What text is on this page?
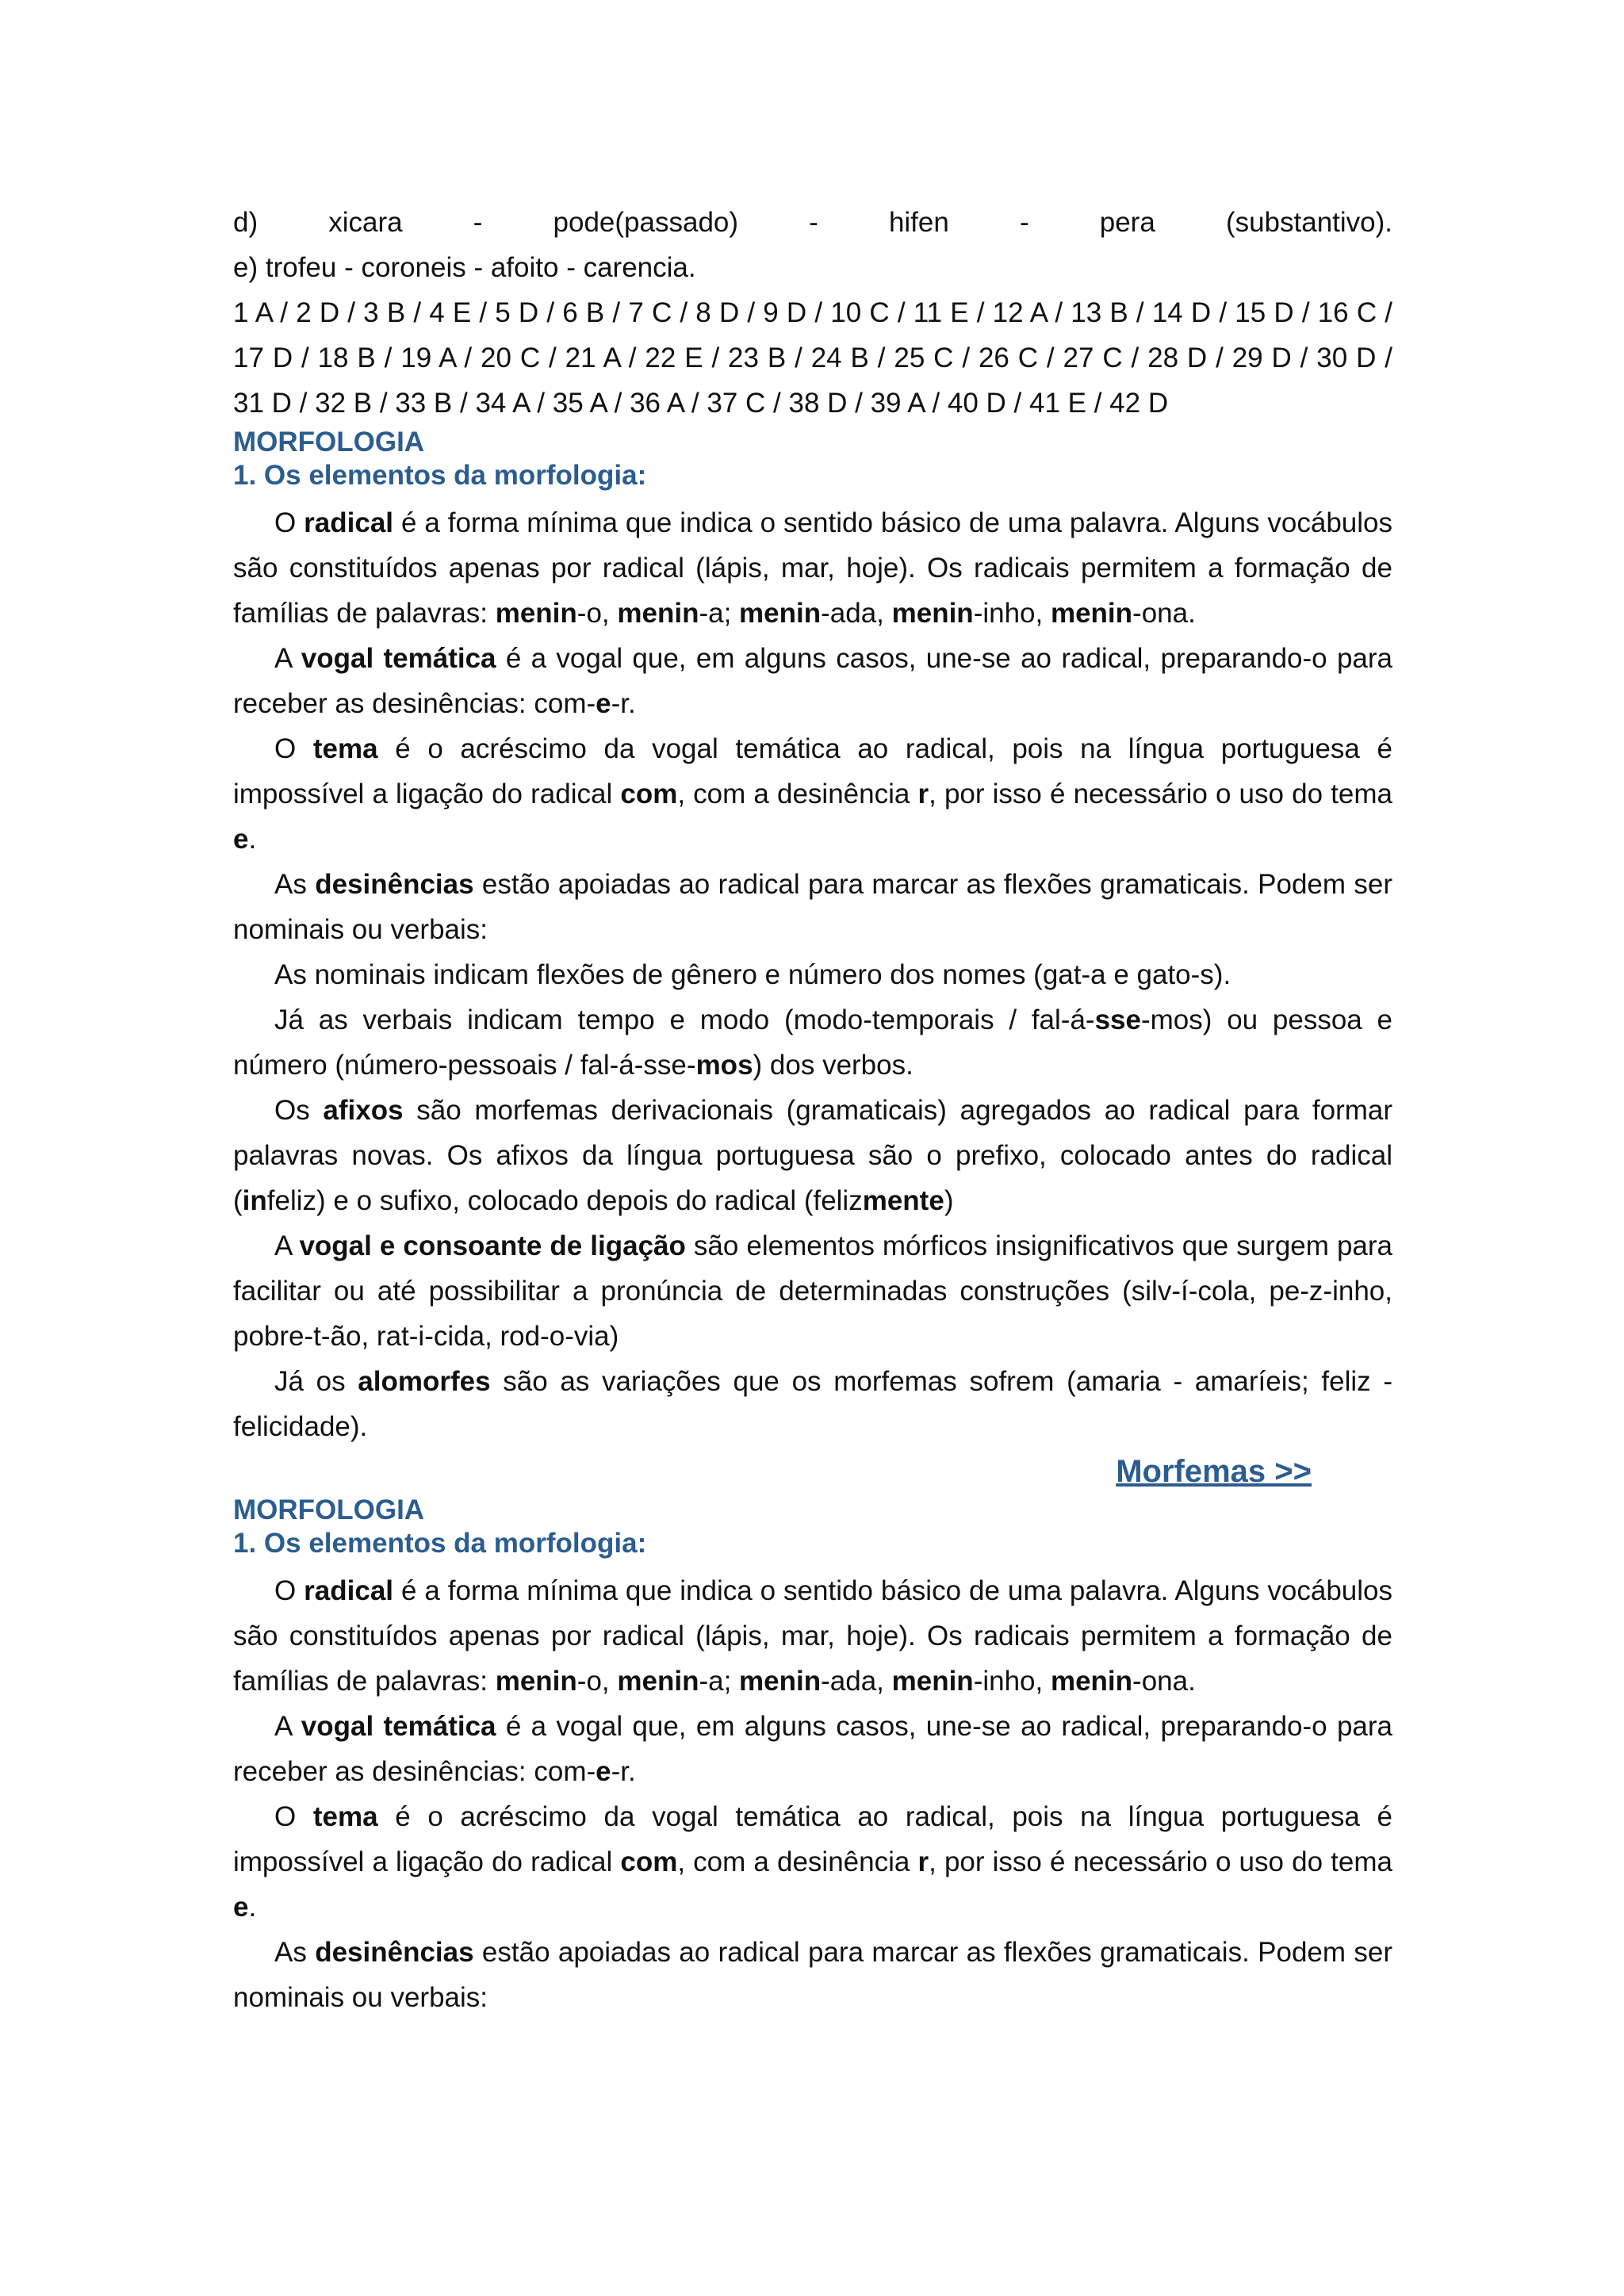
d)	xicara	-	pode(passado)	-	hifen	-	pera	(substantivo).

e) trofeu - coroneis - afoito - carencia.

1 A / 2 D / 3 B / 4 E / 5 D / 6 B / 7 C / 8 D / 9 D / 10 C / 11 E / 12 A / 13 B / 14 D / 15 D / 16 C / 17 D / 18 B / 19 A / 20 C / 21 A / 22 E / 23 B / 24 B / 25 C / 26 C / 27 C / 28 D / 29 D / 30 D / 31 D / 32 B / 33 B / 34 A / 35 A / 36 A / 37 C / 38 D / 39 A / 40 D / 41 E / 42 D

MORFOLOGIA

1. Os elementos da morfologia:

O radical é a forma mínima que indica o sentido básico de uma palavra. Alguns vocábulos são constituídos apenas por radical (lápis, mar, hoje). Os radicais permitem a formação de famílias de palavras: menin-o, menin-a; menin-ada, menin-inho, menin-ona.

A vogal temática é a vogal que, em alguns casos, une-se ao radical, preparando-o para receber as desinências: com-e-r.

O tema é o acréscimo da vogal temática ao radical, pois na língua portuguesa é impossível a ligação do radical com, com a desinência r, por isso é necessário o uso do tema e.

As desinências estão apoiadas ao radical para marcar as flexões gramaticais. Podem ser nominais ou verbais:

As nominais indicam flexões de gênero e número dos nomes (gat-a e gato-s).

Já as verbais indicam tempo e modo (modo-temporais / fal-á-sse-mos) ou pessoa e número (número-pessoais / fal-á-sse-mos) dos verbos.

Os afixos são morfemas derivacionais (gramaticais) agregados ao radical para formar palavras novas. Os afixos da língua portuguesa são o prefixo, colocado antes do radical (infeliz) e o sufixo, colocado depois do radical (felizmente)

A vogal e consoante de ligação são elementos mórficos insignificativos que surgem para facilitar ou até possibilitar a pronúncia de determinadas construções (silv-í-cola, pe-z-inho, pobre-t-ão, rat-i-cida, rod-o-via)

Já os alomorfes são as variações que os morfemas sofrem (amaria - amaríeis; feliz - felicidade).

Morfemas >>

MORFOLOGIA

1. Os elementos da morfologia:

O radical é a forma mínima que indica o sentido básico de uma palavra. Alguns vocábulos são constituídos apenas por radical (lápis, mar, hoje). Os radicais permitem a formação de famílias de palavras: menin-o, menin-a; menin-ada, menin-inho, menin-ona.

A vogal temática é a vogal que, em alguns casos, une-se ao radical, preparando-o para receber as desinências: com-e-r.

O tema é o acréscimo da vogal temática ao radical, pois na língua portuguesa é impossível a ligação do radical com, com a desinência r, por isso é necessário o uso do tema e.

As desinências estão apoiadas ao radical para marcar as flexões gramaticais. Podem ser nominais ou verbais:
